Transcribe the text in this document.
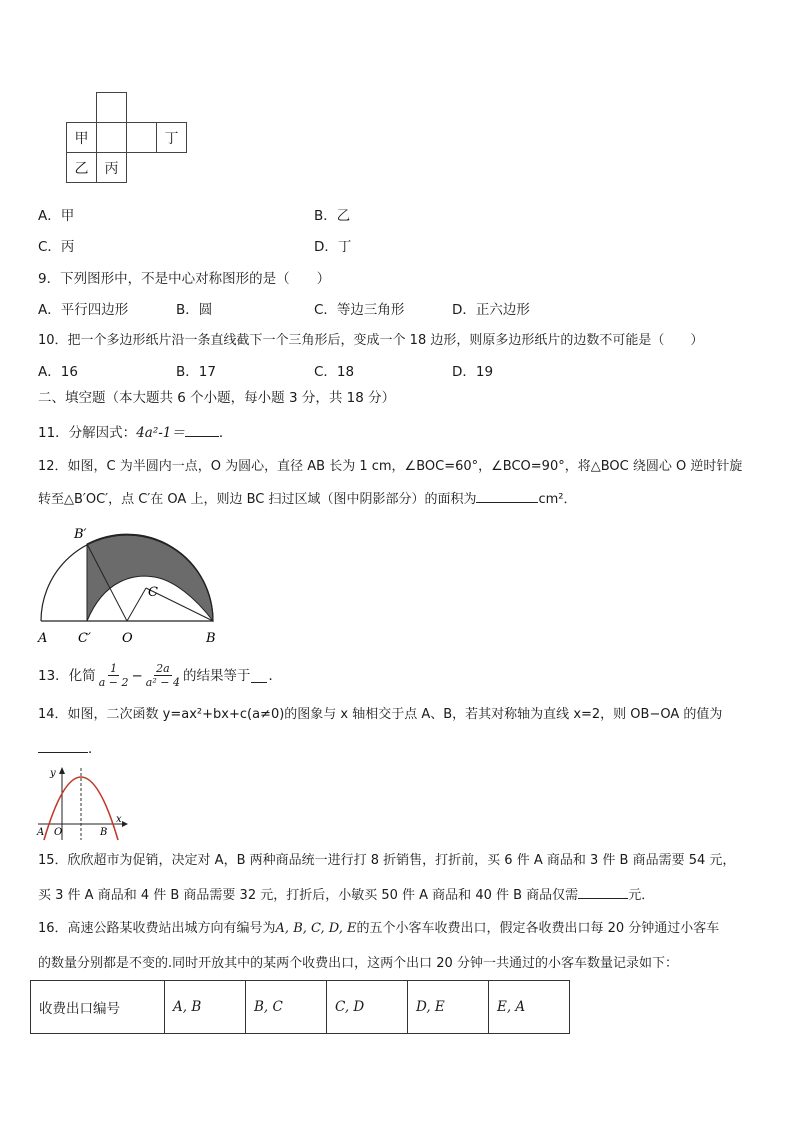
甲	丁
乙 丙
A．甲	B．乙
C．丙	D．丁
9．下列图形中，不是中心对称图形的是（　　）
A．平行四边形	B．圆	C．等边三角形	D．正六边形
10．把一个多边形纸片沿一条直线截下一个三角形后，变成一个 18 边形，则原多边形纸片的边数不可能是（　　）
A．16	B．17	C．18	D．19
二、填空题（本大题共 6 个小题，每小题 3 分，共 18 分）
11．分解因式：4a²-1＝	．
12．如图，C 为半圆内一点，O 为圆心，直径 AB 长为 1 cm，∠BOC=60°，∠BCO=90°，将△BOC 绕圆心 O 逆时针旋
转至△B′OC′，点 C′在 OA 上，则边 BC 扫过区域（图中阴影部分）的面积为	cm²．
B′
C
A C′ O	B
13．化简 $\frac{1}{a - 2} - \frac{2a}{\text{a² − 4}}$ 的结果等于 ．
14．如图，二次函数 y=ax²+bx+c(a≠0)的图象与 x 轴相交于点 A、B，若其对称轴为直线 x=2，则 OB−OA 的值为
．
y
x
A O	B
15．欣欣超市为促销，决定对 A，B 两种商品统一进行打 8 折销售，打折前，买 6 件 A 商品和 3 件 B 商品需要 54 元，
买 3 件 A 商品和 4 件 B 商品需要 32 元，打折后，小敏买 50 件 A 商品和 40 件 B 商品仅需	元．
16．高速公路某收费站出城方向有编号为A, B, C, D, E的五个小客车收费出口，假定各收费出口每 20 分钟通过小客车
的数量分别都是不变的.同时开放其中的某两个收费出口，这两个出口 20 分钟一共通过的小客车数量记录如下：
收费出口编号	A, B	B, C	C, D	D, E	E, A
